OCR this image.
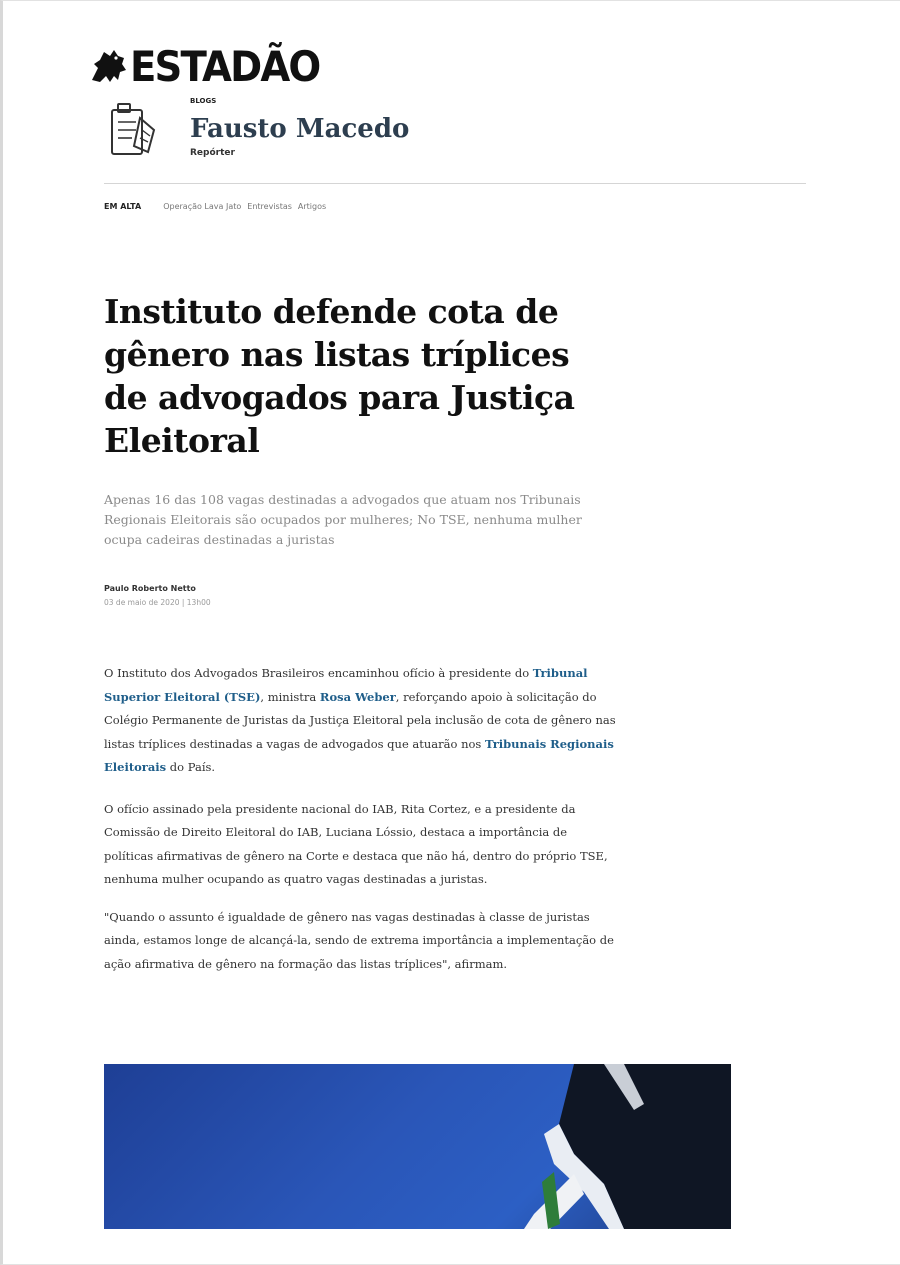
ESTADÃO
BLOGS
Fausto Macedo
Repórter
EM ALTA	Operação Lava Jato Entrevistas Artigos
Instituto defende cota de gênero nas listas tríplices de advogados para Justiça Eleitoral

Apenas 16 das 108 vagas destinadas a advogados que atuam nos Tribunais Regionais Eleitorais são ocupados por mulheres; No TSE, nenhuma mulher ocupa cadeiras destinadas a juristas

Paulo Roberto Netto
03 de maio de 2020 | 13h00

O Instituto dos Advogados Brasileiros encaminhou ofício à presidente do Tribunal Superior Eleitoral (TSE), ministra Rosa Weber, reforçando apoio à solicitação do Colégio Permanente de Juristas da Justiça Eleitoral pela inclusão de cota de gênero nas listas tríplices destinadas a vagas de advogados que atuarão nos Tribunais Regionais Eleitorais do País.

O ofício assinado pela presidente nacional do IAB, Rita Cortez, e a presidente da Comissão de Direito Eleitoral do IAB, Luciana Lóssio, destaca a importância de políticas afirmativas de gênero na Corte e destaca que não há, dentro do próprio TSE, nenhuma mulher ocupando as quatro vagas destinadas a juristas.

"Quando o assunto é igualdade de gênero nas vagas destinadas à classe de juristas ainda, estamos longe de alcançá-la, sendo de extrema importância a implementação de ação afirmativa de gênero na formação das listas tríplices", afirmam.
